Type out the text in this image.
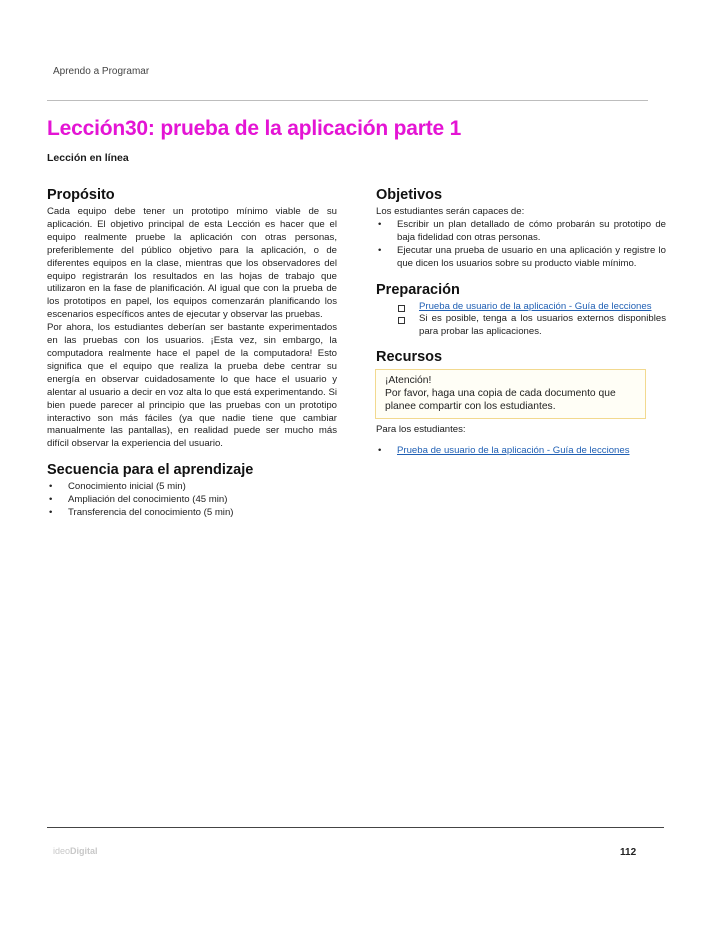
Aprendo a Programar
Lección30: prueba de la aplicación parte 1
Lección en línea
Propósito

Cada equipo debe tener un prototipo mínimo viable de su aplicación. El objetivo principal de esta Lección es hacer que el equipo realmente pruebe la aplicación con otras personas, preferiblemente del público objetivo para la aplicación, o de diferentes equipos en la clase, mientras que los observadores del equipo registrarán los resultados en las hojas de trabajo que utilizaron en la fase de planificación. Al igual que con la prueba de los prototipos en papel, los equipos comenzarán planificando los escenarios específicos antes de ejecutar y observar las pruebas.

Por ahora, los estudiantes deberían ser bastante experimentados en las pruebas con los usuarios. ¡Esta vez, sin embargo, la computadora realmente hace el papel de la computadora! Esto significa que el equipo que realiza la prueba debe centrar su energía en observar cuidadosamente lo que hace el usuario y alentar al usuario a decir en voz alta lo que está experimentando. Si bien puede parecer al principio que las pruebas con un prototipo interactivo son más fáciles (ya que nadie tiene que cambiar manualmente las pantallas), en realidad puede ser mucho más difícil observar la experiencia del usuario.

Secuencia para el aprendizaje
• Conocimiento inicial (5 min)
• Ampliación del conocimiento (45 min)
• Transferencia del conocimiento (5 min)
Objetivos

Los estudiantes serán capaces de:

• Escribir un plan detallado de cómo probarán su prototipo de baja fidelidad con otras personas.
• Ejecutar una prueba de usuario en una aplicación y registre lo que dicen los usuarios sobre su producto viable mínimo.
Preparación
Prueba de usuario de la aplicación - Guía de lecciones
Si es posible, tenga a los usuarios externos disponibles para probar las aplicaciones.
Recursos
¡Atención!
Por favor, haga una copia de cada documento que planee compartir con los estudiantes.

Para los estudiantes:

• Prueba de usuario de la aplicación - Guía de lecciones
ideoDigital	112
